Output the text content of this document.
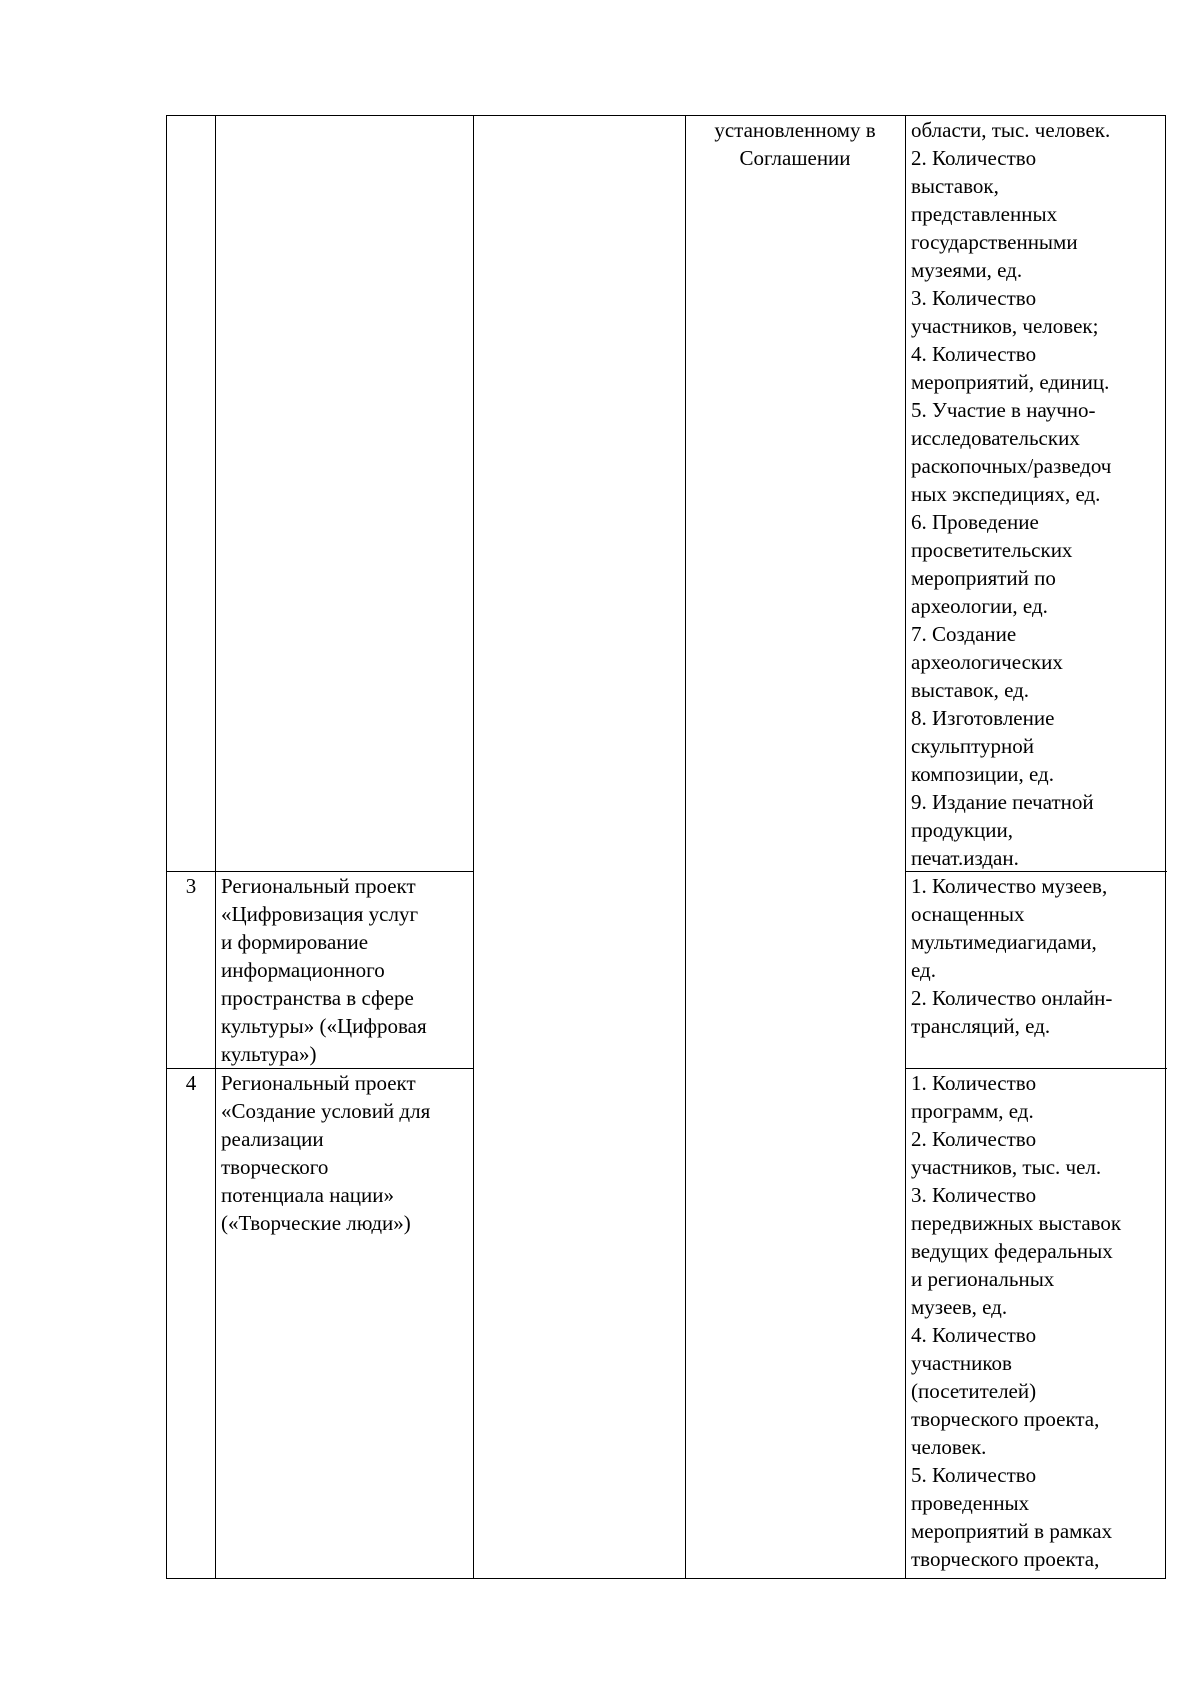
установленному в
Соглашении
области, тыс. человек.
2. Количество
выставок,
представленных
государственными
музеями, ед.
3. Количество
участников, человек;
4. Количество
мероприятий, единиц.
5. Участие в научно-
исследовательских
раскопочных/разведоч
ных экспедициях, ед.
6. Проведение
просветительских
мероприятий по
археологии, ед.
7. Создание
археологических
выставок, ед.
8. Изготовление
скульптурной
композиции, ед.
9. Издание печатной
продукции,
печат.издан.
3	Региональный проект
«Цифровизация услуг
и формирование
информационного
пространства в сфере
культуры» («Цифровая
культура»)
1. Количество музеев,
оснащенных
мультимедиагидами,
ед.
2. Количество онлайн-
трансляций, ед.
4	Региональный проект
«Создание условий для
реализации
творческого
потенциала нации»
(«Творческие люди»)
1. Количество
программ, ед.
2. Количество
участников, тыс. чел.
3. Количество
передвижных выставок
ведущих федеральных
и региональных
музеев, ед.
4. Количество
участников
(посетителей)
творческого проекта,
человек.
5. Количество
проведенных
мероприятий в рамках
творческого проекта,
